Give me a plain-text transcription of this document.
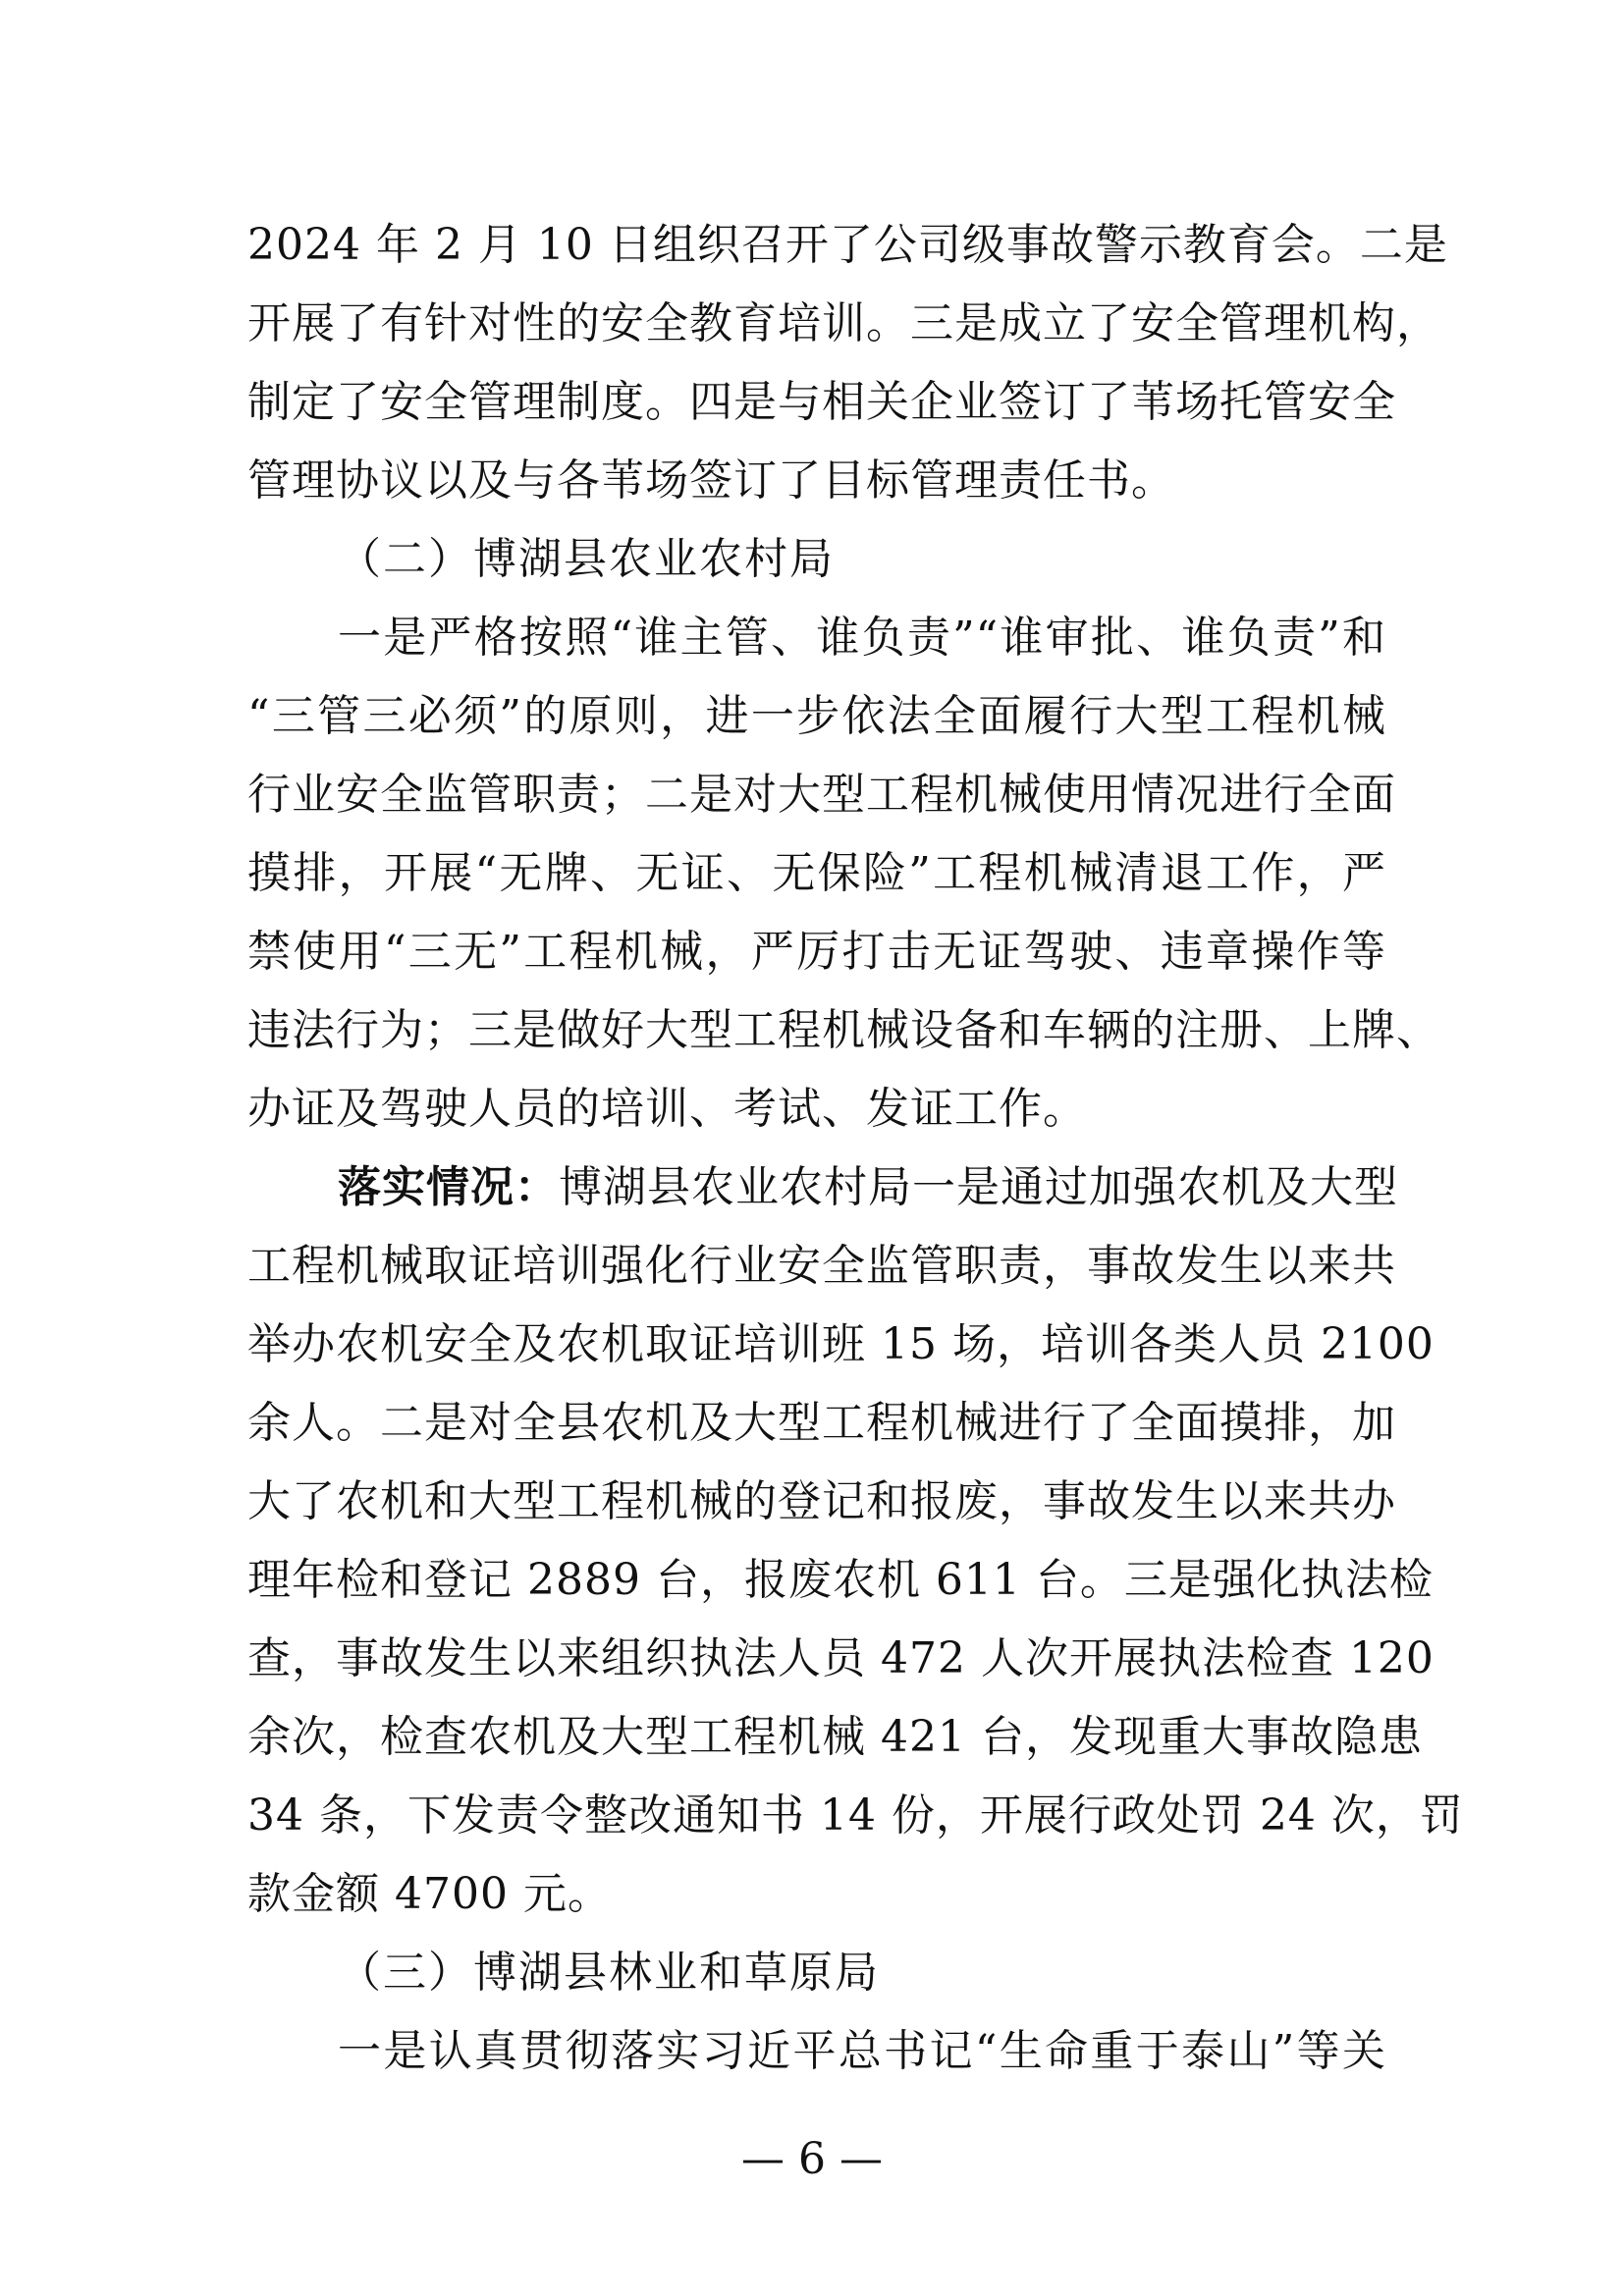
2024 年 2 月 10 日组织召开了公司级事故警示教育会。二是
开展了有针对性的安全教育培训。三是成立了安全管理机构，
制定了安全管理制度。四是与相关企业签订了苇场托管安全
管理协议以及与各苇场签订了目标管理责任书。
（二）博湖县农业农村局
一是严格按照“谁主管、谁负责”“谁审批、谁负责”和
“三管三必须”的原则，进一步依法全面履行大型工程机械
行业安全监管职责；二是对大型工程机械使用情况进行全面
摸排，开展“无牌、无证、无保险”工程机械清退工作，严
禁使用“三无”工程机械，严厉打击无证驾驶、违章操作等
违法行为；三是做好大型工程机械设备和车辆的注册、上牌、
办证及驾驶人员的培训、考试、发证工作。
落实情况：博湖县农业农村局一是通过加强农机及大型
工程机械取证培训强化行业安全监管职责，事故发生以来共
举办农机安全及农机取证培训班 15 场，培训各类人员 2100
余人。二是对全县农机及大型工程机械进行了全面摸排，加
大了农机和大型工程机械的登记和报废，事故发生以来共办
理年检和登记 2889 台，报废农机 611 台。三是强化执法检
查，事故发生以来组织执法人员 472 人次开展执法检查 120
余次，检查农机及大型工程机械 421 台，发现重大事故隐患
34 条，下发责令整改通知书 14 份，开展行政处罚 24 次，罚
款金额 4700 元。
（三）博湖县林业和草原局
一是认真贯彻落实习近平总书记“生命重于泰山”等关
— 6 —
